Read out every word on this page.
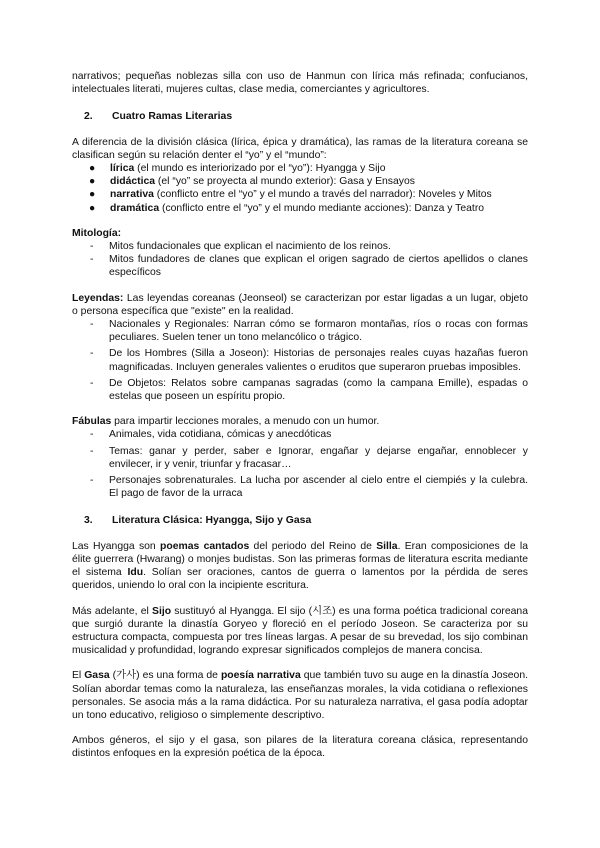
narrativos; pequeñas noblezas silla con uso de Hanmun con lírica más refinada; confucianos, intelectuales literati, mujeres cultas, clase media, comerciantes y agricultores.

2. Cuatro Ramas Literarias

A diferencia de la división clásica (lírica, épica y dramática), las ramas de la literatura coreana se clasifican según su relación denter el “yo” y el “mundo”:

● lírica (el mundo es interiorizado por el “yo”): Hyangga y Sijo
● didáctica (el “yo” se proyecta al mundo exterior): Gasa y Ensayos
● narrativa (conflicto entre el “yo” y el mundo a través del narrador): Noveles y Mitos
● dramática (conflicto entre el “yo” y el mundo mediante acciones): Danza y Teatro

Mitología:

- Mitos fundacionales que explican el nacimiento de los reinos.
- Mitos fundadores de clanes que explican el origen sagrado de ciertos apellidos o clanes específicos

Leyendas: Las leyendas coreanas (Jeonseol) se caracterizan por estar ligadas a un lugar, objeto o persona específica que "existe" en la realidad.

- Nacionales y Regionales: Narran cómo se formaron montañas, ríos o rocas con formas peculiares. Suelen tener un tono melancólico o trágico.
- De los Hombres (Silla a Joseon): Historias de personajes reales cuyas hazañas fueron magnificadas. Incluyen generales valientes o eruditos que superaron pruebas imposibles.
- De Objetos: Relatos sobre campanas sagradas (como la campana Emille), espadas o estelas que poseen un espíritu propio.

Fábulas para impartir lecciones morales, a menudo con un humor.

- Animales, vida cotidiana, cómicas y anecdóticas
- Temas: ganar y perder, saber e Ignorar, engañar y dejarse engañar, ennoblecer y envilecer, ir y venir, triunfar y fracasar…
- Personajes sobrenaturales. La lucha por ascender al cielo entre el ciempiés y la culebra. El pago de favor de la urraca
3. Literatura Clásica: Hyangga, Sijo y Gasa

Las Hyangga son poemas cantados del periodo del Reino de Silla. Eran composiciones de la élite guerrera (Hwarang) o monjes budistas. Son las primeras formas de literatura escrita mediante el sistema Idu. Solían ser oraciones, cantos de guerra o lamentos por la pérdida de seres queridos, uniendo lo oral con la incipiente escritura.

Más adelante, el Sijo sustituyó al Hyangga. El sijo (시조) es una forma poética tradicional coreana que surgió durante la dinastía Goryeo y floreció en el período Joseon. Se caracteriza por su estructura compacta, compuesta por tres líneas largas. A pesar de su brevedad, los sijo combinan musicalidad y profundidad, logrando expresar significados complejos de manera concisa.

El Gasa (가사) es una forma de poesía narrativa que también tuvo su auge en la dinastía Joseon. Solían abordar temas como la naturaleza, las enseñanzas morales, la vida cotidiana o reflexiones personales. Se asocia más a la rama didáctica. Por su naturaleza narrativa, el gasa podía adoptar un tono educativo, religioso o simplemente descriptivo.

Ambos géneros, el sijo y el gasa, son pilares de la literatura coreana clásica, representando distintos enfoques en la expresión poética de la época.
